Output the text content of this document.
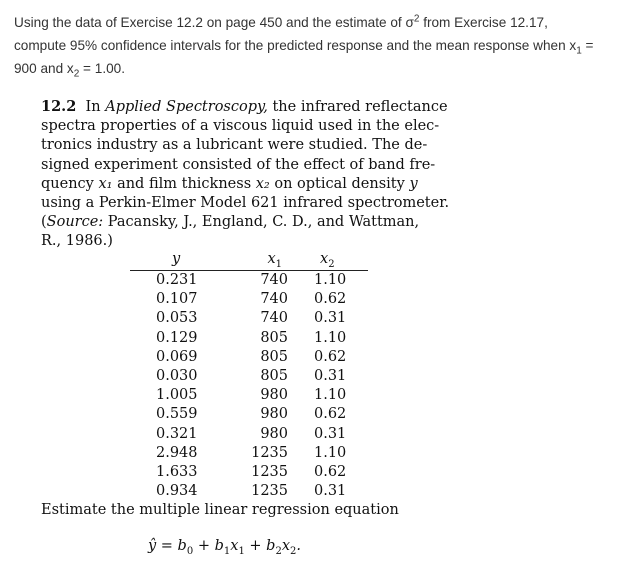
Using the data of Exercise 12.2 on page 450 and the estimate of $\sigma^2$ from Exercise 12.17,
compute 95% confidence intervals for the predicted response and the mean response when $x_1$ =
900 and $x_2 = 1.00$.
12.2 In Applied Spectroscopy, the infrared reflectance
spectra properties of a viscous liquid used in the elec-
tronics industry as a lubricant were studied. The de-
signed experiment consisted of the effect of band fre-
quency x₁ and film thickness x₂ on optical density y
using a Perkin-Elmer Model 621 infrared spectrometer.
(Source: Pacansky, J., England, C. D., and Wattman,
R., 1986.)
y	$x_1$	$x_2$
0.231	740	1.10
0.107	740	0.62
0.053	740	0.31
0.129	805	1.10
0.069	805	0.62
0.030	805	0.31
1.005	980	1.10
0.559	980	0.62
0.321	980	0.31
2.948	1235	1.10
1.633	1235	0.62
0.934	1235	0.31
Estimate the multiple linear regression equation
ŷ = $b_0 + b_1x_1 + b_2x_2$.
